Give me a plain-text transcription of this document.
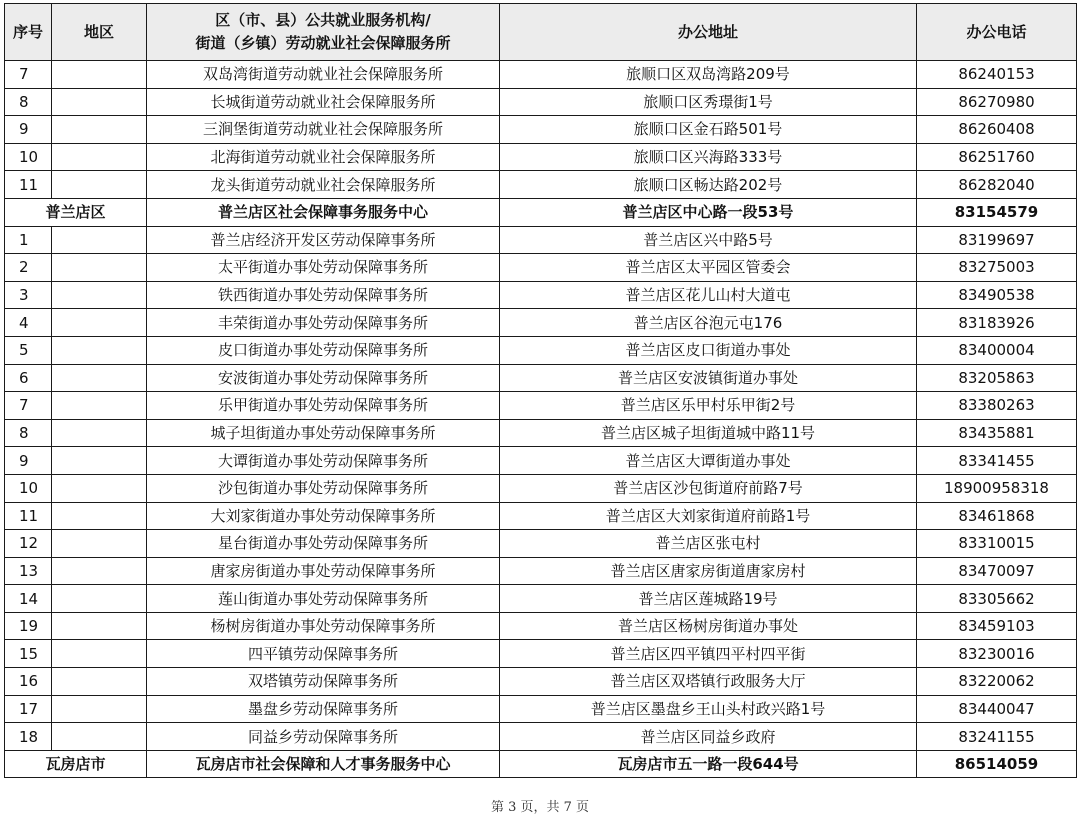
序号	地区	区（市、县）公共就业服务机构/
街道（乡镇）劳动就业社会保障服务所	办公地址	办公电话
7		双岛湾街道劳动就业社会保障服务所	旅顺口区双岛湾路209号	86240153
8		长城街道劳动就业社会保障服务所	旅顺口区秀璟街1号	86270980
9		三涧堡街道劳动就业社会保障服务所	旅顺口区金石路501号	86260408
10		北海街道劳动就业社会保障服务所	旅顺口区兴海路333号	86251760
11		龙头街道劳动就业社会保障服务所	旅顺口区畅达路202号	86282040
普兰店区		普兰店区社会保障事务服务中心	普兰店区中心路一段53号	83154579
1		普兰店经济开发区劳动保障事务所	普兰店区兴中路5号	83199697
2		太平街道办事处劳动保障事务所	普兰店区太平园区管委会	83275003
3		铁西街道办事处劳动保障事务所	普兰店区花儿山村大道屯	83490538
4		丰荣街道办事处劳动保障事务所	普兰店区谷泡元屯176	83183926
5		皮口街道办事处劳动保障事务所	普兰店区皮口街道办事处	83400004
6		安波街道办事处劳动保障事务所	普兰店区安波镇街道办事处	83205863
7		乐甲街道办事处劳动保障事务所	普兰店区乐甲村乐甲街2号	83380263
8		城子坦街道办事处劳动保障事务所	普兰店区城子坦街道城中路11号	83435881
9		大谭街道办事处劳动保障事务所	普兰店区大谭街道办事处	83341455
10		沙包街道办事处劳动保障事务所	普兰店区沙包街道府前路7号	18900958318
11		大刘家街道办事处劳动保障事务所	普兰店区大刘家街道府前路1号	83461868
12		星台街道办事处劳动保障事务所	普兰店区张屯村	83310015
13		唐家房街道办事处劳动保障事务所	普兰店区唐家房街道唐家房村	83470097
14		莲山街道办事处劳动保障事务所	普兰店区莲城路19号	83305662
19		杨树房街道办事处劳动保障事务所	普兰店区杨树房街道办事处	83459103
15		四平镇劳动保障事务所	普兰店区四平镇四平村四平街	83230016
16		双塔镇劳动保障事务所	普兰店区双塔镇行政服务大厅	83220062
17		墨盘乡劳动保障事务所	普兰店区墨盘乡王山头村政兴路1号	83440047
18		同益乡劳动保障事务所	普兰店区同益乡政府	83241155
瓦房店市		瓦房店市社会保障和人才事务服务中心	瓦房店市五一路一段644号	86514059
第 3 页，共 7 页
